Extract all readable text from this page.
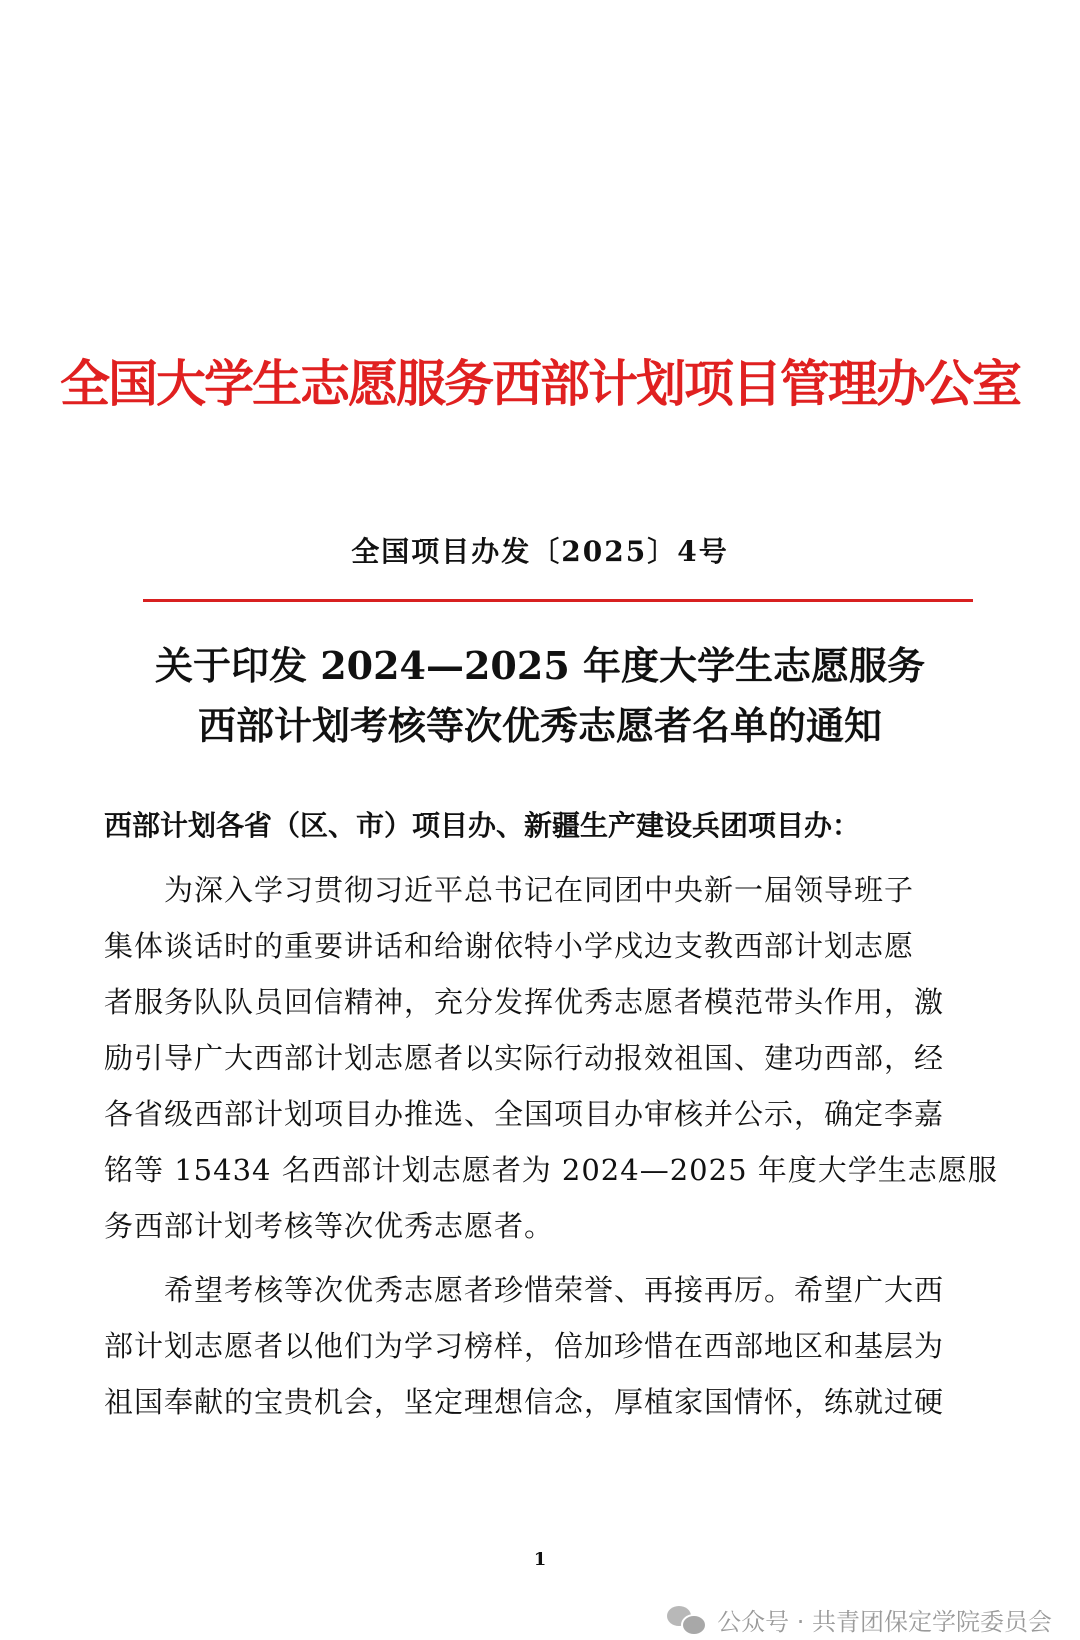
全国大学生志愿服务西部计划项目管理办公室
全国项目办发〔2025〕4号
关于印发 2024—2025 年度大学生志愿服务
西部计划考核等次优秀志愿者名单的通知
西部计划各省（区、市）项目办、新疆生产建设兵团项目办：
为深入学习贯彻习近平总书记在同团中央新一届领导班子
集体谈话时的重要讲话和给谢依特小学戍边支教西部计划志愿
者服务队队员回信精神，充分发挥优秀志愿者模范带头作用，激
励引导广大西部计划志愿者以实际行动报效祖国、建功西部，经
各省级西部计划项目办推选、全国项目办审核并公示，确定李嘉
铭等 15434 名西部计划志愿者为 2024—2025 年度大学生志愿服
务西部计划考核等次优秀志愿者。
希望考核等次优秀志愿者珍惜荣誉、再接再厉。希望广大西
部计划志愿者以他们为学习榜样，倍加珍惜在西部地区和基层为
祖国奉献的宝贵机会，坚定理想信念，厚植家国情怀，练就过硬
1
公众号 · 共青团保定学院委员会
